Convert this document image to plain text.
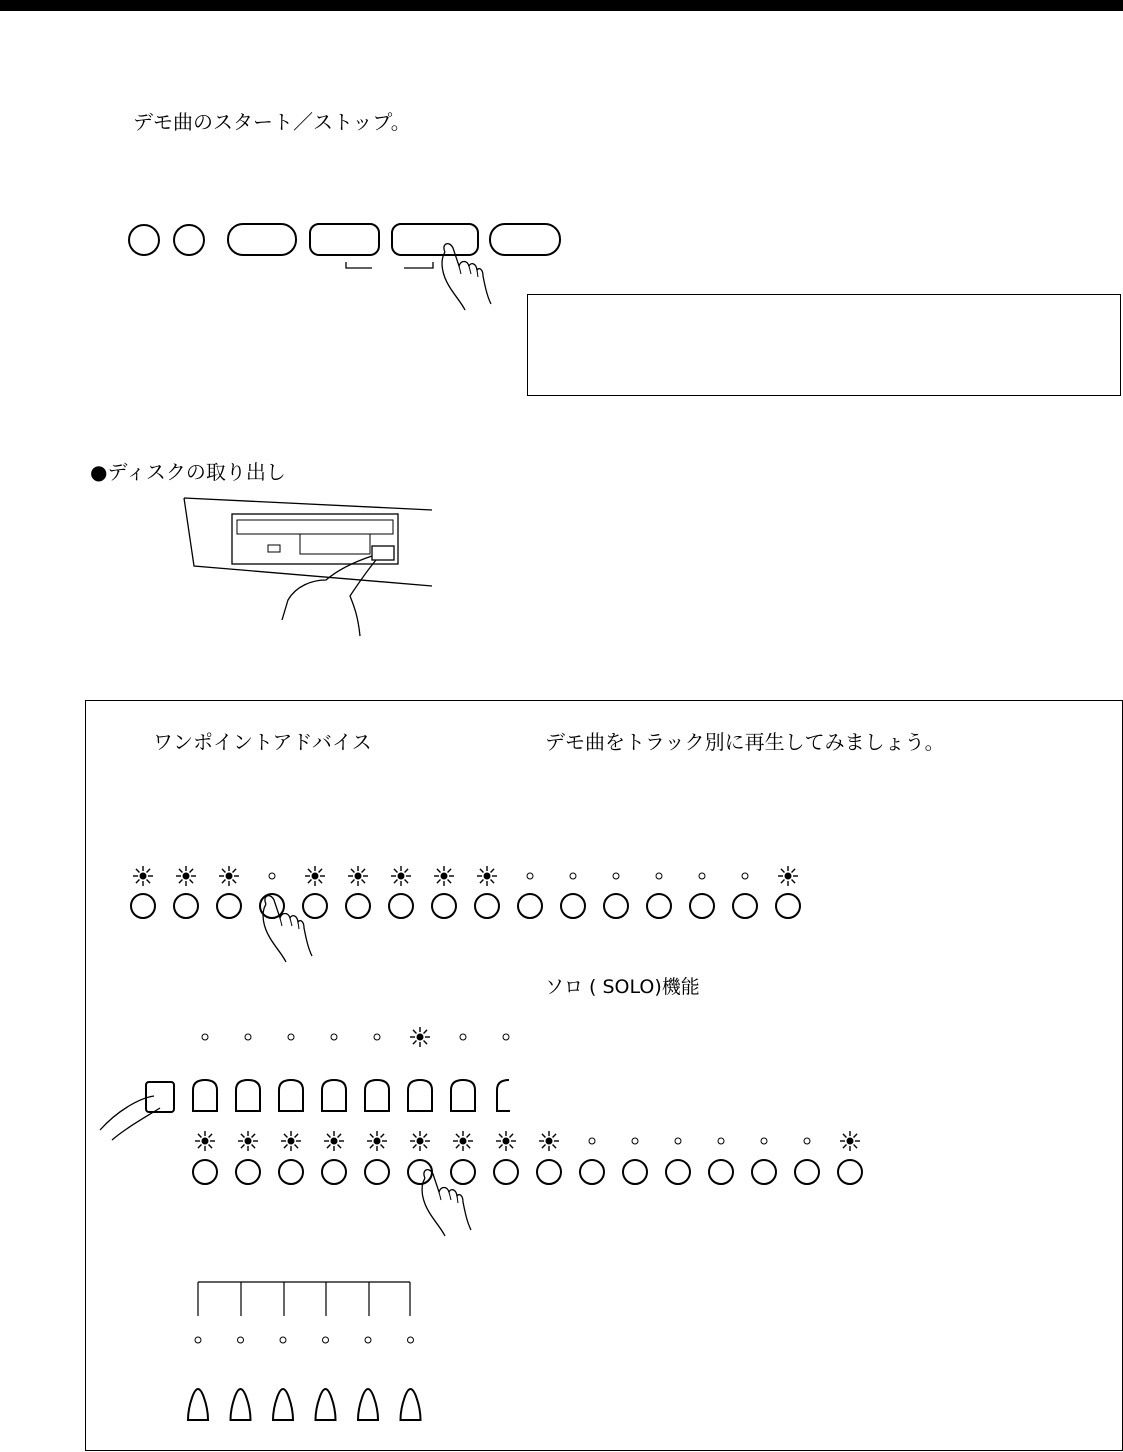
デモ曲のスタート／ストップ。
●ディスクの取り出し
ワンポイントアドバイス	デモ曲をトラック別に再生してみましょう。
ソロ ( SOLO)機能
